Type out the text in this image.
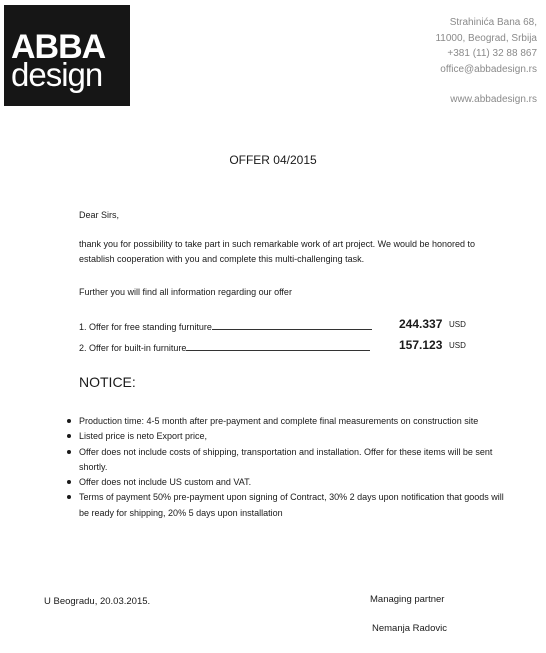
ABBA
design
Strahinića Bana 68,
11000, Beograd, Srbija
+381 (11) 32 88 867
office@abbadesign.rs
www.abbadesign.rs
OFFER 04/2015
Dear Sirs,
thank you for possibility to take part in such remarkable work of art project. We would be honored to establish cooperation with you and complete this multi-challenging task.
Further you will find all information regarding our offer
1. Offer for free standing furniture	244.337 USD
2. Offer for built-in furniture	157.123 USD
NOTICE:
Production time: 4-5 month after pre-payment and complete final measurements on construction site
Listed price is neto Export price,
Offer does not include costs of shipping, transportation and installation. Offer for these items will be sent shortly.
Offer does not include US custom and VAT.
Terms of payment 50% pre-payment upon signing of Contract, 30% 2 days upon notification that goods will be ready for shipping, 20% 5 days upon installation
U Beogradu, 20.03.2015.	Managing partner
Nemanja Radovic
